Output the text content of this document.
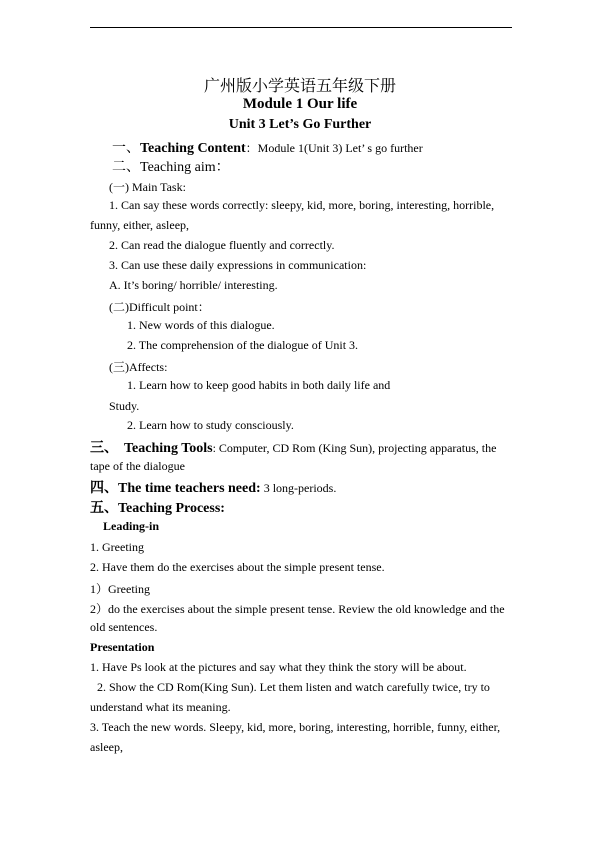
广州版小学英语五年级下册
Module 1 Our life
Unit 3 Let’s Go Further
一、Teaching Content：Module 1(Unit 3) Let’ s go further
二、Teaching aim：
(一) Main Task:
1. Can say these words correctly: sleepy, kid, more, boring, interesting, horrible,
funny, either, asleep,
2. Can read the dialogue fluently and correctly.
3. Can use these daily expressions in communication:
A. It’s boring/ horrible/ interesting.
(二)Difficult point：
1. New words of this dialogue.
2. The comprehension of the dialogue of Unit 3.
(三)Affects:
1. Learn how to keep good habits in both daily life and
Study.
2. Learn how to study consciously.
三、 Teaching Tools: Computer, CD Rom (King Sun), projecting apparatus, the
tape of the dialogue
四、The time teachers need: 3 long-periods.
五、Teaching Process:
Leading-in
1. Greeting
2. Have them do the exercises about the simple present tense.
1）Greeting
2）do the exercises about the simple present tense. Review the old knowledge and the
old sentences.
Presentation
1. Have Ps look at the pictures and say what they think the story will be about.
2. Show the CD Rom(King Sun). Let them listen and watch carefully twice, try to
understand what its meaning.
3. Teach the new words. Sleepy, kid, more, boring, interesting, horrible, funny, either,
asleep,
